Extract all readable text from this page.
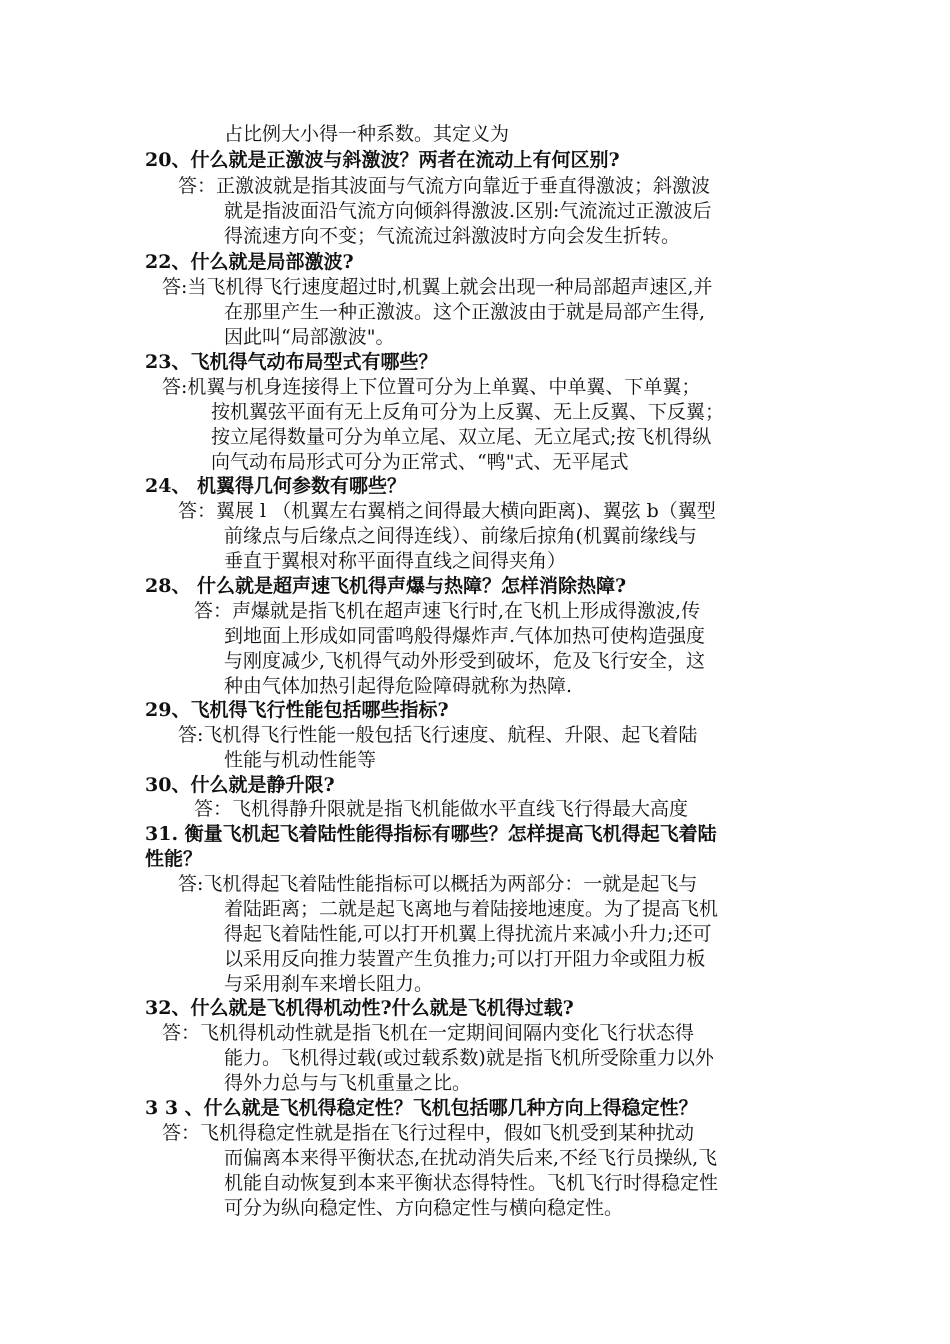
占比例大小得一种系数。其定义为
20、什么就是正激波与斜激波？两者在流动上有何区别?
答：正激波就是指其波面与气流方向靠近于垂直得激波；斜激波
就是指波面沿气流方向倾斜得激波.区别:气流流过正激波后
得流速方向不变；气流流过斜激波时方向会发生折转。
22、什么就是局部激波?
答:当飞机得飞行速度超过时,机翼上就会出现一种局部超声速区,并
在那里产生一种正激波。这个正激波由于就是局部产生得,
因此叫“局部激波"。
23、飞机得气动布局型式有哪些？
答:机翼与机身连接得上下位置可分为上单翼、中单翼、下单翼；
按机翼弦平面有无上反角可分为上反翼、无上反翼、下反翼；
按立尾得数量可分为单立尾、双立尾、无立尾式;按飞机得纵
向气动布局形式可分为正常式、“鸭"式、无平尾式
24、 机翼得几何参数有哪些？
答：翼展 l （机翼左右翼梢之间得最大横向距离)、翼弦 b（翼型
前缘点与后缘点之间得连线）、前缘后掠角(机翼前缘线与
垂直于翼根对称平面得直线之间得夹角）
28、 什么就是超声速飞机得声爆与热障？怎样消除热障?
答：声爆就是指飞机在超声速飞行时,在飞机上形成得激波,传
到地面上形成如同雷鸣般得爆炸声.气体加热可使构造强度
与刚度减少,飞机得气动外形受到破坏，危及飞行安全，这
种由气体加热引起得危险障碍就称为热障.
29、飞机得飞行性能包括哪些指标?
答:飞机得飞行性能一般包括飞行速度、航程、升限、起飞着陆
性能与机动性能等
30、什么就是静升限?
答：飞机得静升限就是指飞机能做水平直线飞行得最大高度
31. 衡量飞机起飞着陆性能得指标有哪些？怎样提高飞机得起飞着陆
性能？
答:飞机得起飞着陆性能指标可以概括为两部分：一就是起飞与
着陆距离；二就是起飞离地与着陆接地速度。为了提高飞机
得起飞着陆性能,可以打开机翼上得扰流片来减小升力;还可
以采用反向推力装置产生负推力;可以打开阻力伞或阻力板
与采用刹车来增长阻力。
32、什么就是飞机得机动性?什么就是飞机得过载?
答：飞机得机动性就是指飞机在一定期间间隔内变化飞行状态得
能力。飞机得过载(或过载系数)就是指飞机所受除重力以外
得外力总与与飞机重量之比。
3 3 、什么就是飞机得稳定性？飞机包括哪几种方向上得稳定性？
答：飞机得稳定性就是指在飞行过程中，假如飞机受到某种扰动
而偏离本来得平衡状态,在扰动消失后来,不经飞行员操纵,飞
机能自动恢复到本来平衡状态得特性。飞机飞行时得稳定性
可分为纵向稳定性、方向稳定性与横向稳定性。
